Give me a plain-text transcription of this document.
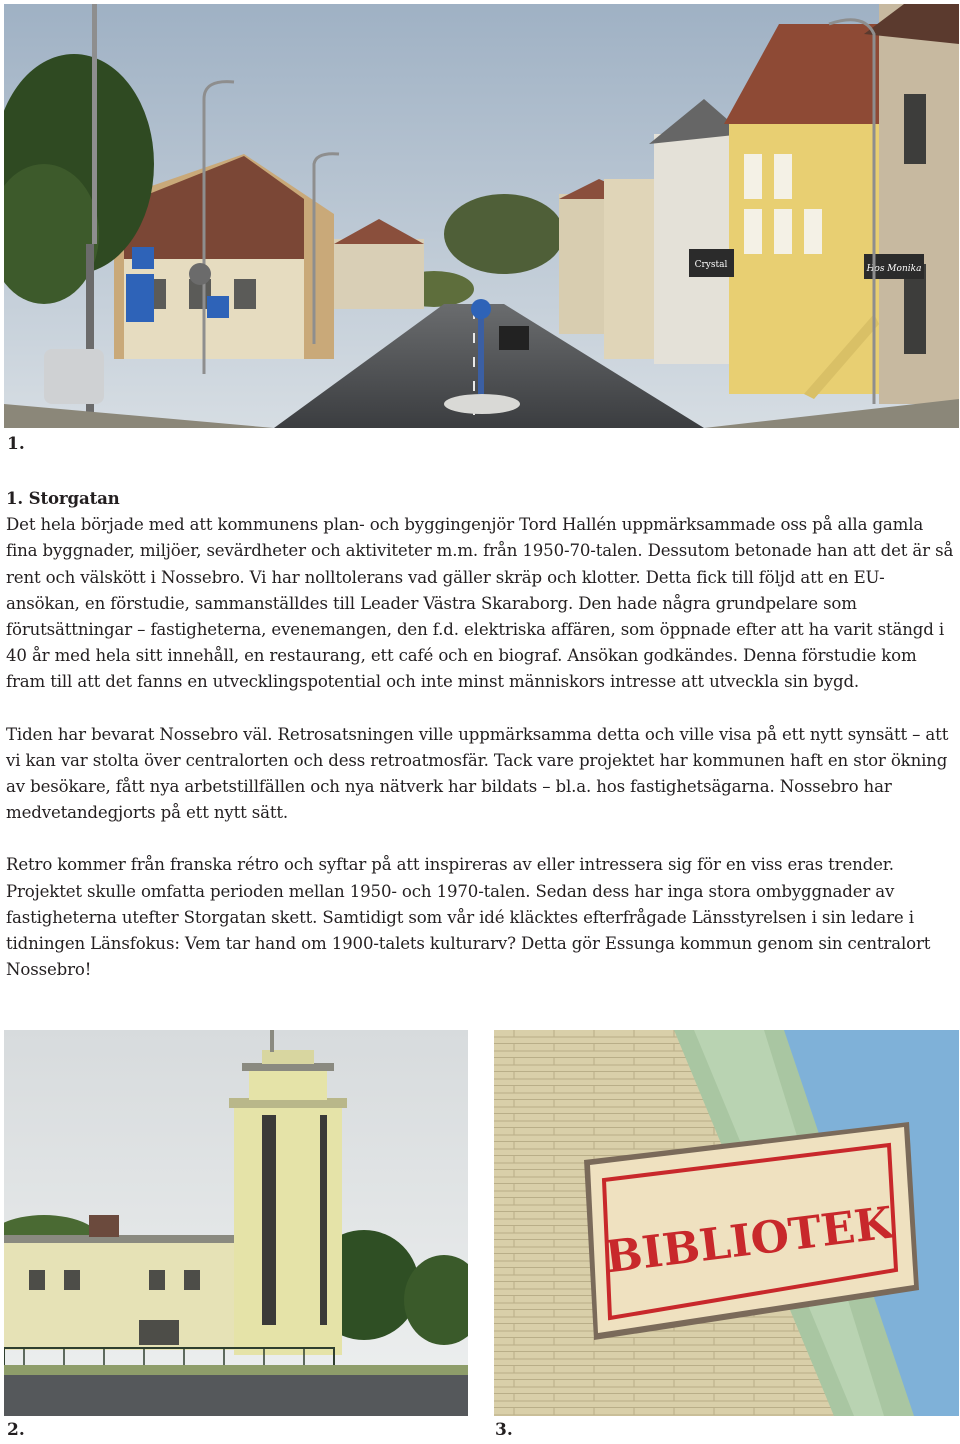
Crystal	Hos Monika
1.

1. Storgatan
Det hela började med att kommunens plan- och byggingenjör Tord Hallén uppmärksammade oss på alla gamla fina byggnader, miljöer, sevärdheter och aktiviteter m.m. från 1950-70-talen. Dessutom betonade han att det är så rent och välskött i Nossebro. Vi har nolltolerans vad gäller skräp och klotter. Detta fick till följd att en EU-ansökan, en förstudie, sammanställdes till Leader Västra Skaraborg. Den hade några grundpelare som förutsättningar – fastigheterna, evenemangen, den f.d. elektriska affären, som öppnade efter att ha varit stängd i 40 år med hela sitt innehåll, en restaurang, ett café och en biograf. Ansökan godkändes. Denna förstudie kom fram till att det fanns en utvecklingspotential och inte minst människors intresse att utveckla sin bygd.

Tiden har bevarat Nossebro väl. Retrosatsningen ville uppmärksamma detta och ville visa på ett nytt synsätt – att vi kan var stolta över centralorten och dess retroatmosfär. Tack vare projektet har kommunen haft en stor ökning av besökare, fått nya arbetstillfällen och nya nätverk har bildats – bl.a. hos fastighetsägarna. Nossebro har medvetandegjorts på ett nytt sätt.

Retro kommer från franska rétro och syftar på att inspireras av eller intressera sig för en viss eras trender. Projektet skulle omfatta perioden mellan 1950- och 1970-talen. Sedan dess har inga stora ombyggnader av fastigheterna utefter Storgatan skett. Samtidigt som vår idé kläcktes efterfrågade Länsstyrelsen i sin ledare i tidningen Länsfokus: Vem tar hand om 1900-talets kulturarv? Detta gör Essunga kommun genom sin centralort Nossebro!

2.
BIBLIOTEK
3.
